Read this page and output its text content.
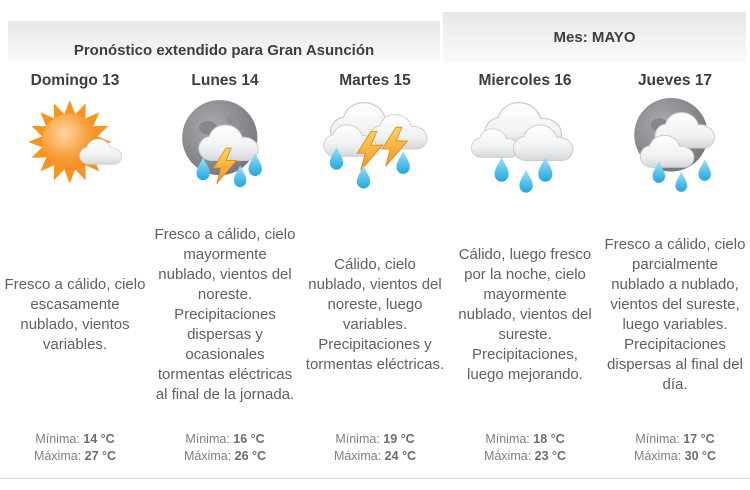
Pronóstico extendido para Gran Asunción
Mes: MAYO
Domingo 13
Fresco a cálido, cielo escasamente nublado, vientos variables.
Mínima: 14 °C
Máxima: 27 °C
Lunes 14
Fresco a cálido, cielo mayormente nublado, vientos del noreste. Precipitaciones dispersas y ocasionales tormentas eléctricas al final de la jornada.
Mínima: 16 °C
Máxima: 26 °C
Martes 15
Cálido, cielo nublado, vientos del noreste, luego variables. Precipitaciones y tormentas eléctricas.
Mínima: 19 °C
Máxima: 24 °C
Miercoles 16
Cálido, luego fresco por la noche, cielo mayormente nublado, vientos del sureste. Precipitaciones, luego mejorando.
Mínima: 18 °C
Máxima: 23 °C
Jueves 17
Fresco a cálido, cielo parcialmente nublado a nublado, vientos del sureste, luego variables. Precipitaciones dispersas al final del día.
Mínima: 17 °C
Máxima: 30 °C
